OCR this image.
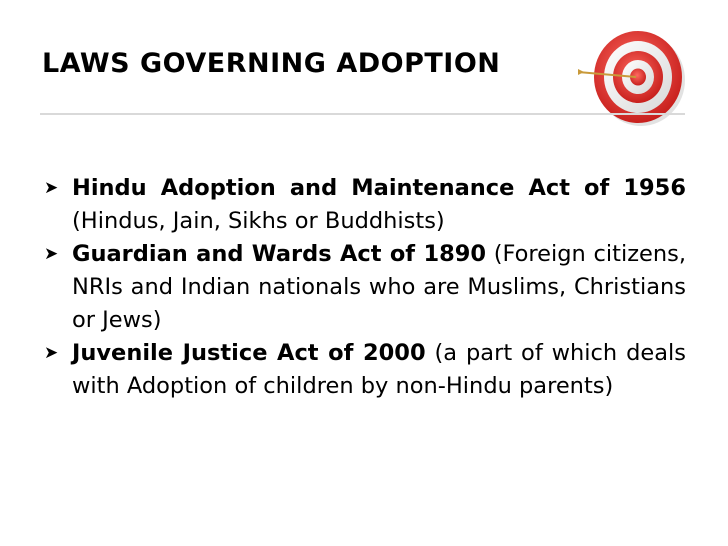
LAWS GOVERNING ADOPTION
➤ Hindu Adoption and Maintenance Act of 1956 (Hindus, Jain, Sikhs or Buddhists)
➤ Guardian and Wards Act of 1890 (Foreign citizens, NRIs and Indian nationals who are Muslims, Christians or Jews)
➤ Juvenile Justice Act of 2000 (a part of which deals with Adoption of children by non-Hindu parents)
